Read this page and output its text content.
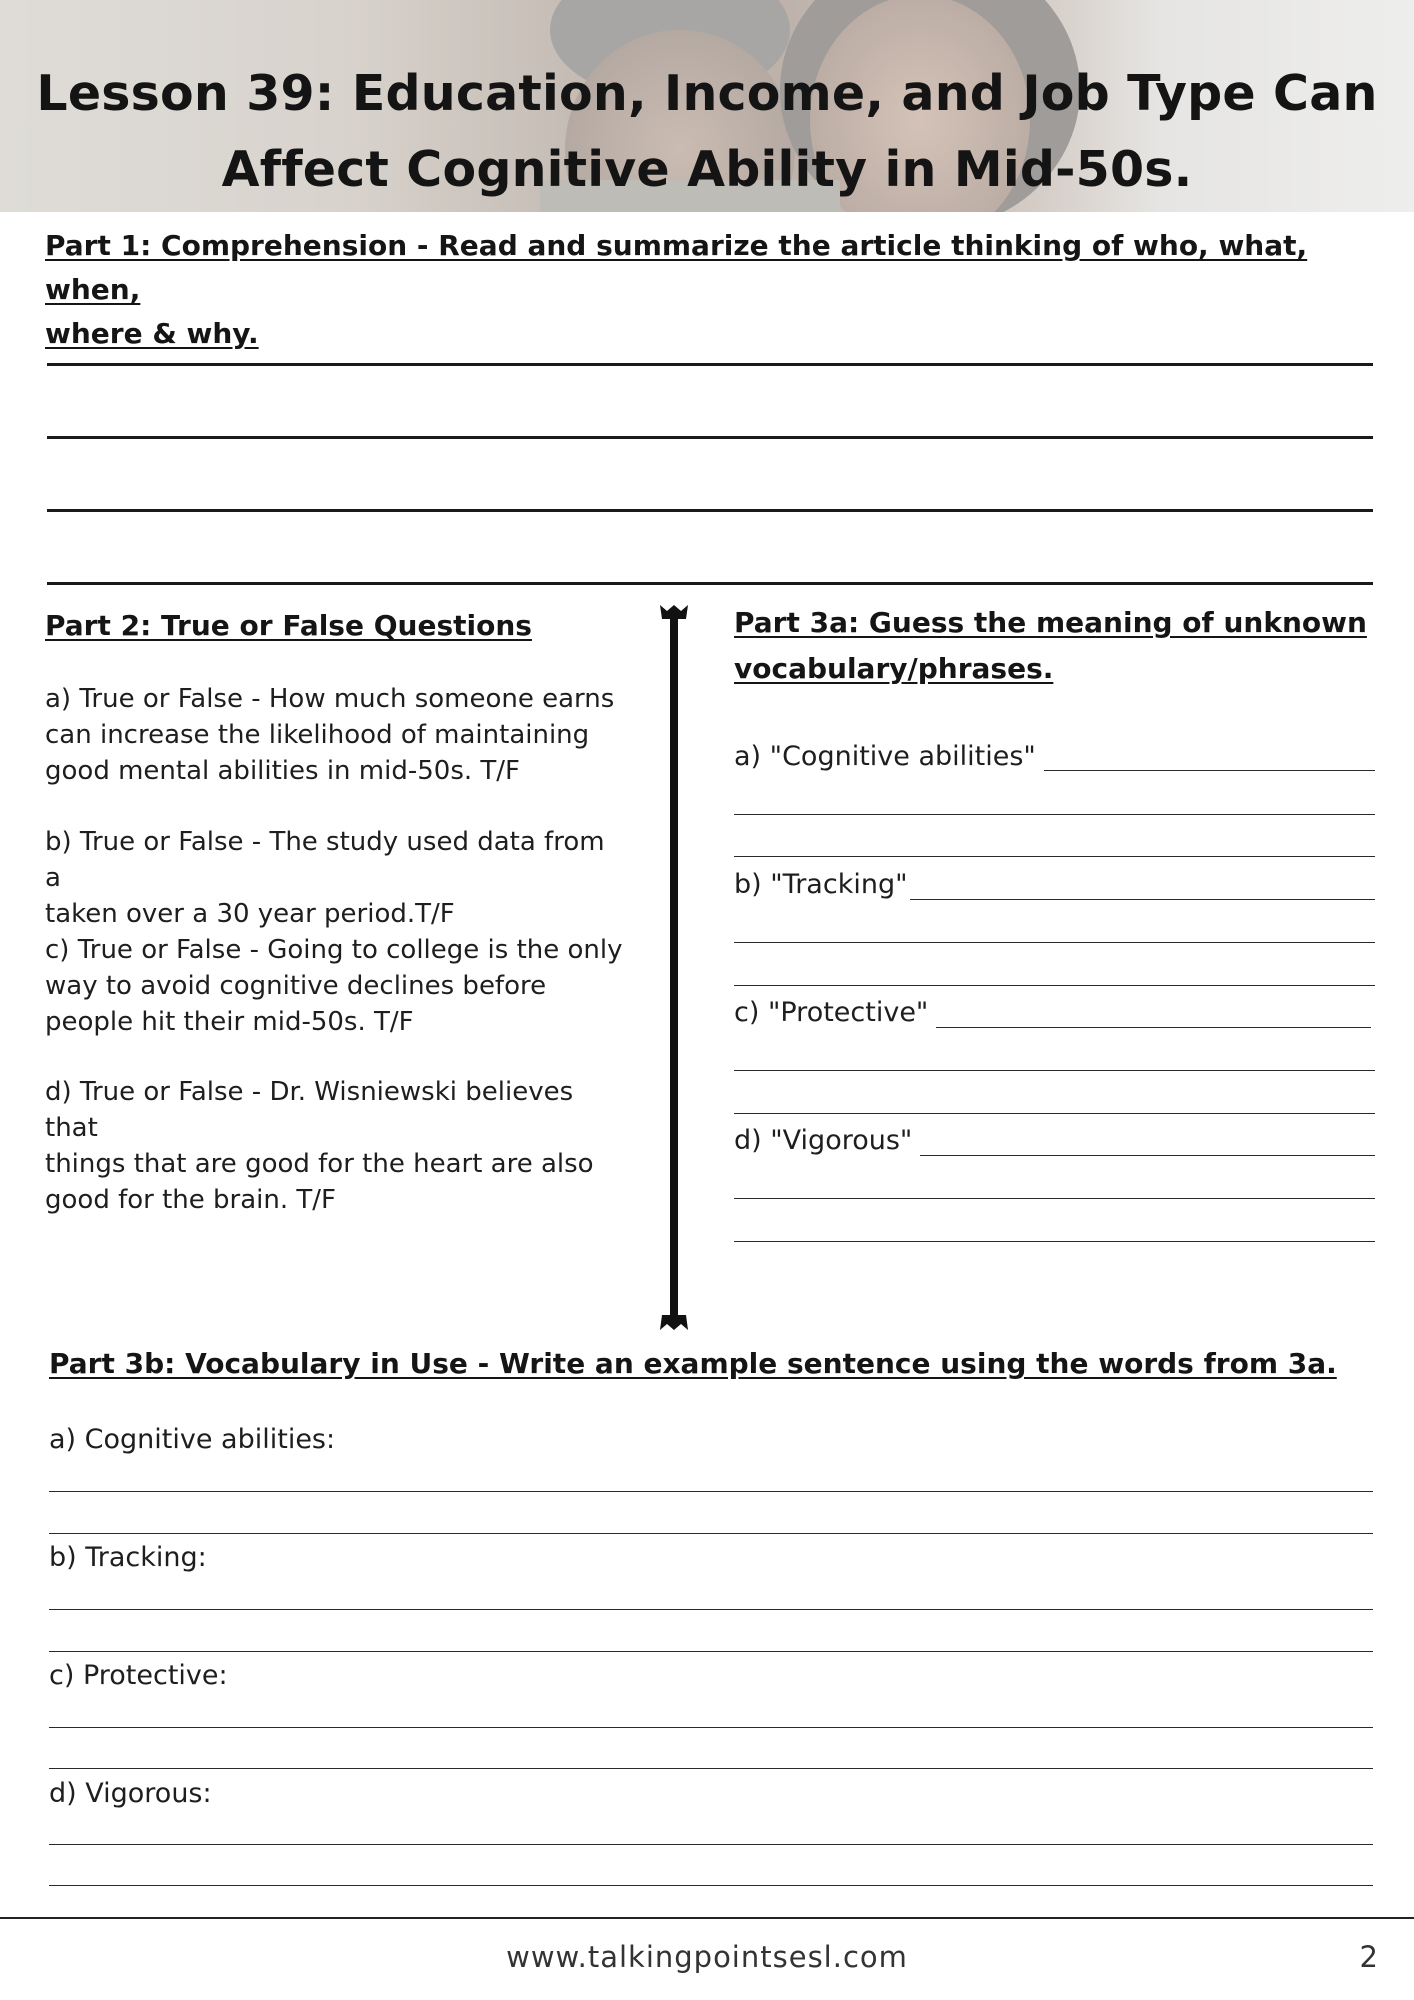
Lesson 39: Education, Income, and Job Type Can
Affect Cognitive Ability in Mid-50s.
Part 1: Comprehension - Read and summarize the article thinking of who, what, when,
where & why.
Part 2: True or False Questions

a) True or False - How much someone earns
can increase the likelihood of maintaining
good mental abilities in mid-50s. T/F

b) True or False - The study used data from a
taken over a 30 year period.T/F

c) True or False - Going to college is the only
way to avoid cognitive declines before
people hit their mid-50s. T/F

d) True or False - Dr. Wisniewski believes that
things that are good for the heart are also
good for the brain. T/F

Part 3a: Guess the meaning of unknown
vocabulary/phrases.

a) "Cognitive abilities"

b) "Tracking"

c) "Protective"

d) "Vigorous"

Part 3b: Vocabulary in Use - Write an example sentence using the words from 3a.

a) Cognitive abilities:

b) Tracking:

c) Protective:

d) Vigorous:

www.talkingpointsesl.com	2
